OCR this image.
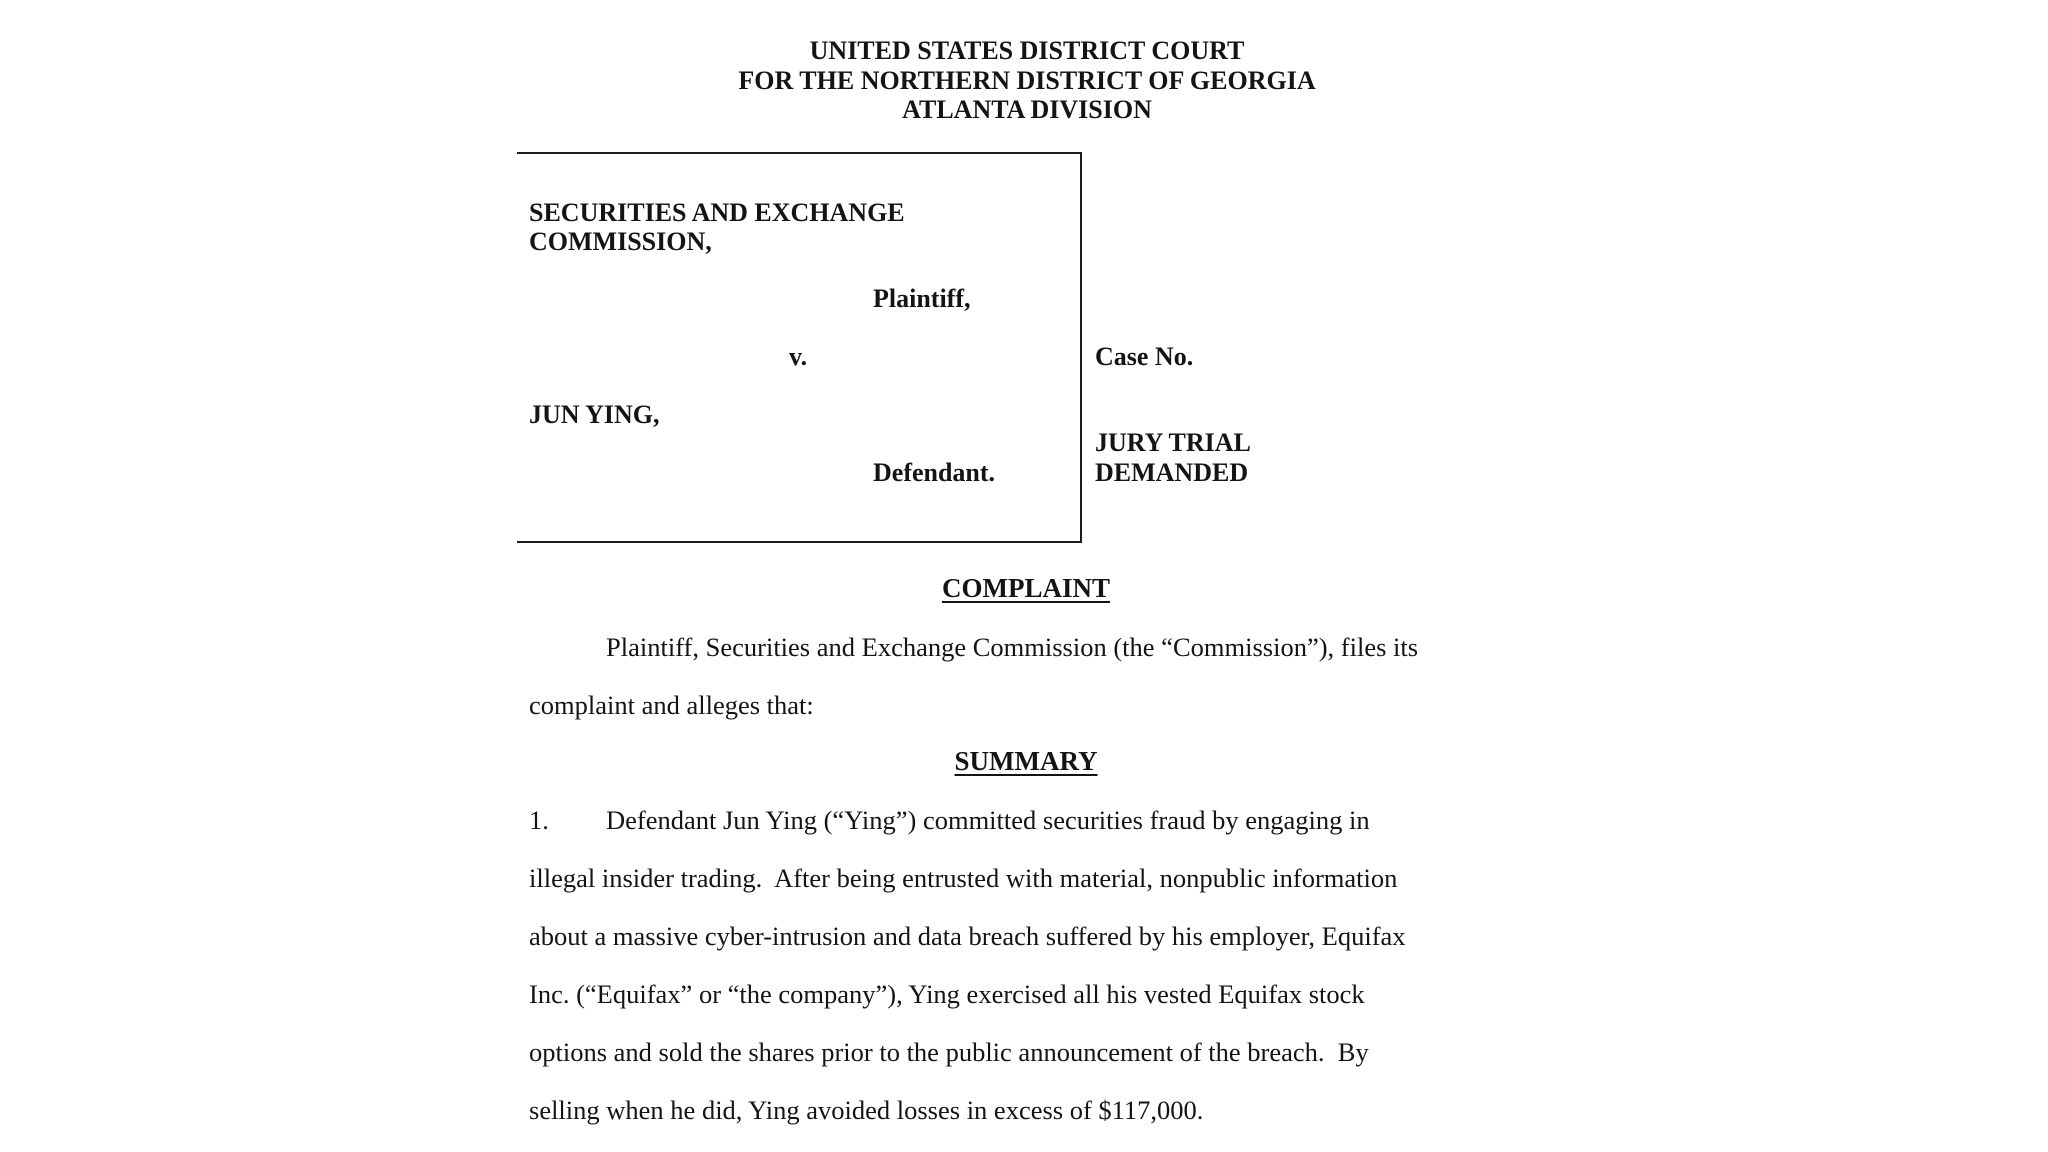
UNITED STATES DISTRICT COURT
FOR THE NORTHERN DISTRICT OF GEORGIA
ATLANTA DIVISION
SECURITIES AND EXCHANGE
COMMISSION,
Plaintiff,
v.
JUN YING,
Defendant.
Case No.
JURY TRIAL
DEMANDED
COMPLAINT
Plaintiff, Securities and Exchange Commission (the “Commission”), files its
complaint and alleges that:
SUMMARY
1. Defendant Jun Ying (“Ying”) committed securities fraud by engaging in
illegal insider trading.  After being entrusted with material, nonpublic information
about a massive cyber-intrusion and data breach suffered by his employer, Equifax
Inc. (“Equifax” or “the company”), Ying exercised all his vested Equifax stock
options and sold the shares prior to the public announcement of the breach.  By
selling when he did, Ying avoided losses in excess of $117,000.
